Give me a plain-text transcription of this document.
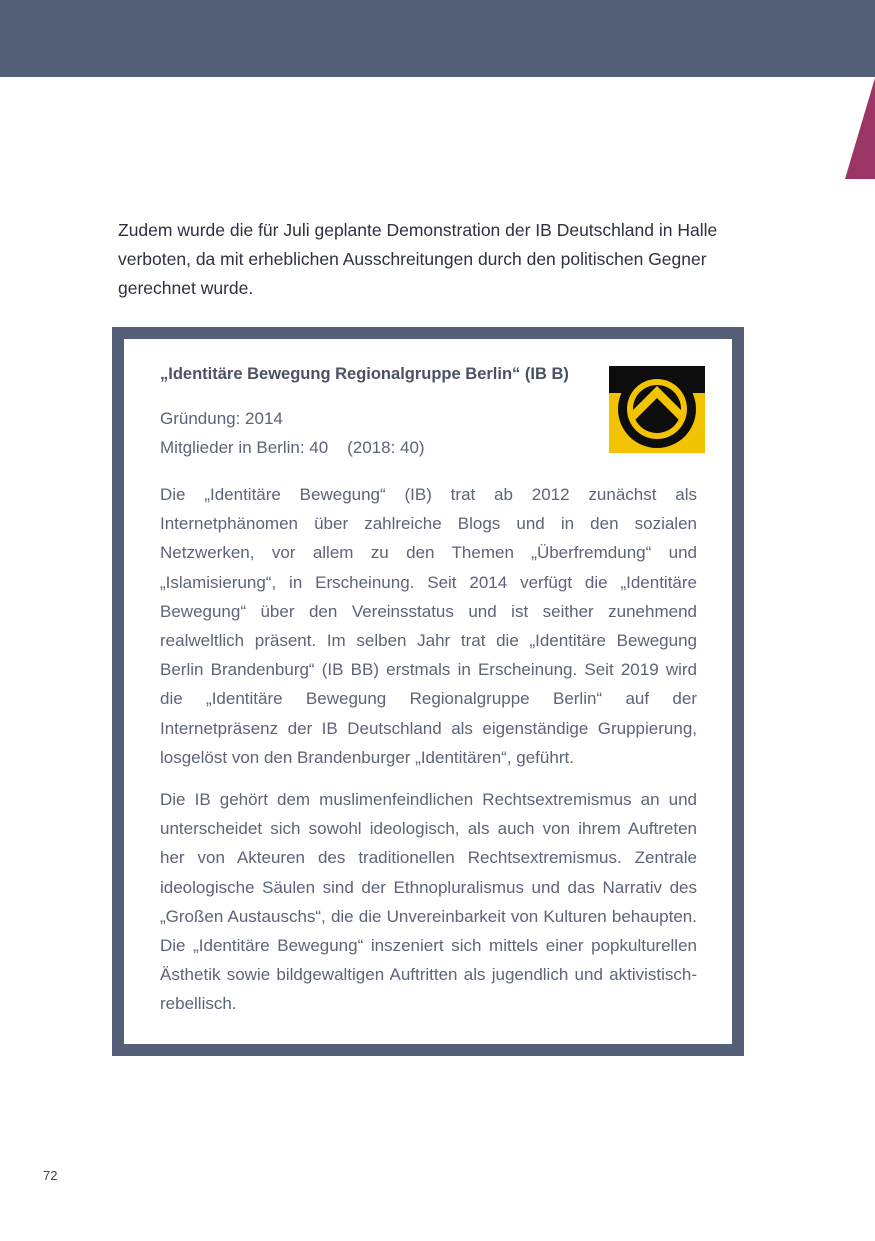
Zudem wurde die für Juli geplante Demonstration der IB Deutschland in Halle verboten, da mit erheblichen Ausschreitungen durch den politischen Gegner gerechnet wurde.

„Identitäre Bewegung Regionalgruppe Berlin“ (IB B)
Gründung: 2014
Mitglieder in Berlin: 40    (2018: 40)

Die „Identitäre Bewegung“ (IB) trat ab 2012 zunächst als Internetphänomen über zahlreiche Blogs und in den sozialen Netzwerken, vor allem zu den Themen „Überfremdung“ und „Islamisierung“, in Erscheinung. Seit 2014 verfügt die „Identitäre Bewegung“ über den Vereinsstatus und ist seither zunehmend realweltlich präsent. Im selben Jahr trat die „Identitäre Bewegung Berlin Brandenburg“ (IB BB) erstmals in Erscheinung. Seit 2019 wird die „Identitäre Bewegung Regionalgruppe Berlin“ auf der Internetpräsenz der IB Deutschland als eigenständige Gruppierung, losgelöst von den Brandenburger „Identitären“, geführt.

Die IB gehört dem muslimenfeindlichen Rechtsextremismus an und unterscheidet sich sowohl ideologisch, als auch von ihrem Auftreten her von Akteuren des traditionellen Rechtsextremismus. Zentrale ideologische Säulen sind der Ethnopluralismus und das Narrativ des „Großen Austauschs“, die die Unvereinbarkeit von Kulturen behaupten. Die „Identitäre Bewegung“ inszeniert sich mittels einer popkulturellen Ästhetik sowie bildgewaltigen Auftritten als jugendlich und aktivistisch-rebellisch.

72
